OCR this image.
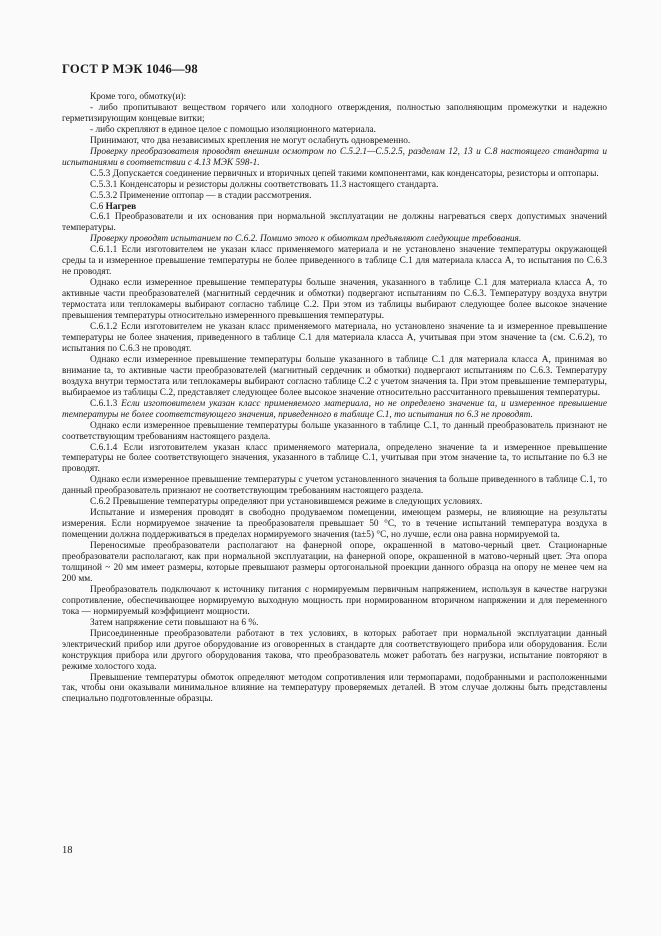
ГОСТ Р МЭК 1046—98

Кроме того, обмотку(и):

- либо пропитывают веществом горячего или холодного отверждения, полностью заполняющим промежутки и надежно герметизирующим концевые витки;

- либо скрепляют в единое целое с помощью изоляционного материала.

Принимают, что два независимых крепления не могут ослабнуть одновременно.

Проверку преобразователя проводят внешним осмотром по С.5.2.1—С.5.2.5, разделам 12, 13 и С.8 настоящего стандарта и испытаниями в соответствии с 4.13 МЭК 598-1.

С.5.3 Допускается соединение первичных и вторичных цепей такими компонентами, как конденсаторы, резисторы и оптопары.

С.5.3.1 Конденсаторы и резисторы должны соответствовать 11.3 настоящего стандарта.

С.5.3.2 Применение оптопар — в стадии рассмотрения.

С.6 Нагрев

С.6.1 Преобразователи и их основания при нормальной эксплуатации не должны нагреваться сверх допустимых значений температуры.

Проверку проводят испытанием по С.6.2. Помимо этого к обмоткам предъявляют следующие требования.

С.6.1.1 Если изготовителем не указан класс применяемого материала и не установлено значение температуры окружающей среды tа и измеренное превышение температуры не более приведенного в таблице С.1 для материала класса А, то испытания по С.6.3 не проводят.

Однако если измеренное превышение температуры больше значения, указанного в таблице С.1 для материала класса А, то активные части преобразователей (магнитный сердечник и обмотки) подвергают испытаниям по С.6.3. Температуру воздуха внутри термостата или теплокамеры выбирают согласно таблице С.2. При этом из таблицы выбирают следующее более высокое значение превышения температуры относительно измеренного превышения температуры.

С.6.1.2 Если изготовителем не указан класс применяемого материала, но установлено значение tа и измеренное превышение температуры не более значения, приведенного в таблице С.1 для материала класса А, учитывая при этом значение tа (см. С.6.2), то испытания по С.6.3 не проводят.

Однако если измеренное превышение температуры больше указанного в таблице С.1 для материала класса А, принимая во внимание tа, то активные части преобразователей (магнитный сердечник и обмотки) подвергают испытаниям по С.6.3. Температуру воздуха внутри термостата или теплокамеры выбирают согласно таблице С.2 с учетом значения tа. При этом превышение температуры, выбираемое из таблицы С.2, представляет следующее более высокое значение относительно рассчитанного превышения температуры.

С.6.1.3 Если изготовителем указан класс применяемого материала, но не определено значение tа, и измеренное превышение температуры не более соответствующего значения, приведенного в таблице С.1, то испытания по 6.3 не проводят.

Однако если измеренное превышение температуры больше указанного в таблице С.1, то данный преобразователь признают не соответствующим требованиям настоящего раздела.

С.6.1.4 Если изготовителем указан класс применяемого материала, определено значение tа и измеренное превышение температуры не более соответствующего значения, указанного в таблице С.1, учитывая при этом значение tа, то испытание по 6.3 не проводят.

Однако если измеренное превышение температуры с учетом установленного значения tа больше приведенного в таблице С.1, то данный преобразователь признают не соответствующим требованиям настоящего раздела.

С.6.2 Превышение температуры определяют при установившемся режиме в следующих условиях.

Испытание и измерения проводят в свободно продуваемом помещении, имеющем размеры, не влияющие на результаты измерения. Если нормируемое значение tа преобразователя превышает 50 °С, то в течение испытаний температура воздуха в помещении должна поддерживаться в пределах нормируемого значения (tа±5) °С, но лучше, если она равна нормируемой tа.

Переносимые преобразователи располагают на фанерной опоре, окрашенной в матово-черный цвет. Стационарные преобразователи располагают, как при нормальной эксплуатации, на фанерной опоре, окрашенной в матово-черный цвет. Эта опора толщиной ~ 20 мм имеет размеры, которые превышают размеры ортогональной проекции данного образца на опору не менее чем на 200 мм.

Преобразователь подключают к источнику питания с нормируемым первичным напряжением, используя в качестве нагрузки сопротивление, обеспечивающее нормируемую выходную мощность при нормированном вторичном напряжении и для переменного тока — нормируемый коэффициент мощности.

Затем напряжение сети повышают на 6 %.

Присоединенные преобразователи работают в тех условиях, в которых работает при нормальной эксплуатации данный электрический прибор или другое оборудование из оговоренных в стандарте для соответствующего прибора или оборудования. Если конструкция прибора или другого оборудования такова, что преобразователь может работать без нагрузки, испытание повторяют в режиме холостого хода.

Превышение температуры обмоток определяют методом сопротивления или термопарами, подобранными и расположенными так, чтобы они оказывали минимальное влияние на температуру проверяемых деталей. В этом случае должны быть представлены специально подготовленные образцы.

18
